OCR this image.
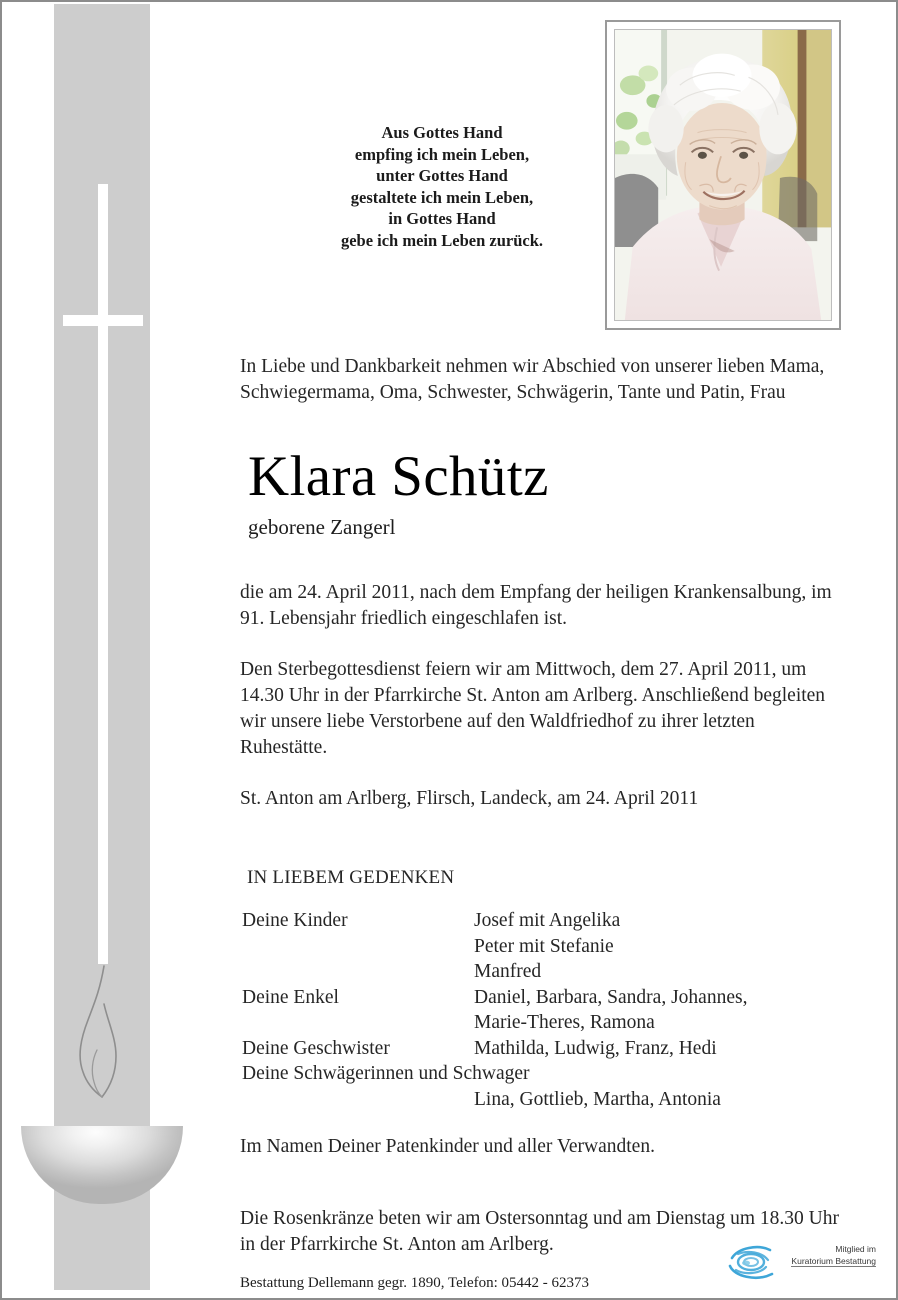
Aus Gottes Hand
empfing ich mein Leben,
unter Gottes Hand
gestaltete ich mein Leben,
in Gottes Hand
gebe ich mein Leben zurück.

In Liebe und Dankbarkeit nehmen wir Abschied von unserer lieben Mama, Schwiegermama, Oma, Schwester, Schwägerin, Tante und Patin, Frau

Klara Schütz
geborene Zangerl

die am 24. April 2011, nach dem Empfang der heiligen Krankensalbung, im 91. Lebensjahr friedlich eingeschlafen ist.

Den Sterbegottesdienst feiern wir am Mittwoch, dem 27. April 2011, um 14.30 Uhr in der Pfarrkirche St. Anton am Arlberg. Anschließend begleiten wir unsere liebe Verstorbene auf den Waldfriedhof zu ihrer letzten Ruhestätte.

St. Anton am Arlberg, Flirsch, Landeck, am 24. April 2011

IN LIEBEM GEDENKEN
Deine Kinder	Josef mit Angelika
	Peter mit Stefanie
	Manfred
Deine Enkel	Daniel, Barbara, Sandra, Johannes,
	Marie-Theres, Ramona
Deine Geschwister	Mathilda, Ludwig, Franz, Hedi
Deine Schwägerinnen und Schwager	
	Lina, Gottlieb, Martha, Antonia

Im Namen Deiner Patenkinder und aller Verwandten.

Die Rosenkränze beten wir am Ostersonntag und am Dienstag um 18.30 Uhr in der Pfarrkirche St. Anton am Arlberg.

Bestattung Dellemann gegr. 1890, Telefon: 05442 - 62373
Mitglied im
Kuratorium Bestattung
